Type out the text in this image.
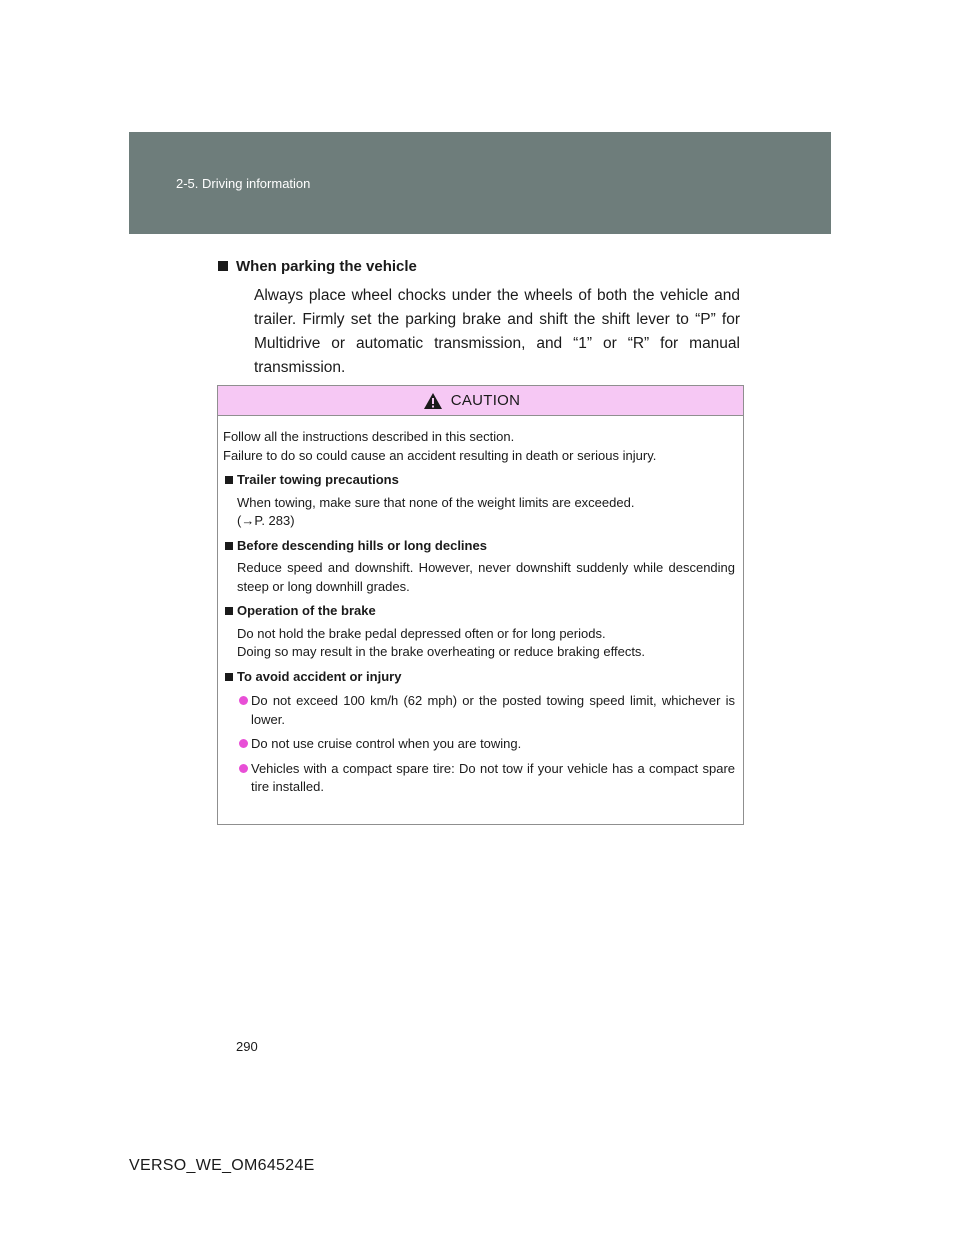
2-5. Driving information

When parking the vehicle

Always place wheel chocks under the wheels of both the vehicle and trailer. Firmly set the parking brake and shift the shift lever to “P” for Multidrive or automatic transmission, and “1” or “R” for manual transmission.

CAUTION

Follow all the instructions described in this section.

Failure to do so could cause an accident resulting in death or serious injury.

Trailer towing precautions

When towing, make sure that none of the weight limits are exceeded.
(→P. 283)

Before descending hills or long declines

Reduce speed and downshift. However, never downshift suddenly while descending steep or long downhill grades.

Operation of the brake

Do not hold the brake pedal depressed often or for long periods.
Doing so may result in the brake overheating or reduce braking effects.

To avoid accident or injury

Do not exceed 100 km/h (62 mph) or the posted towing speed limit, whichever is lower.

Do not use cruise control when you are towing.

Vehicles with a compact spare tire: Do not tow if your vehicle has a compact spare tire installed.

290
VERSO_WE_OM64524E
